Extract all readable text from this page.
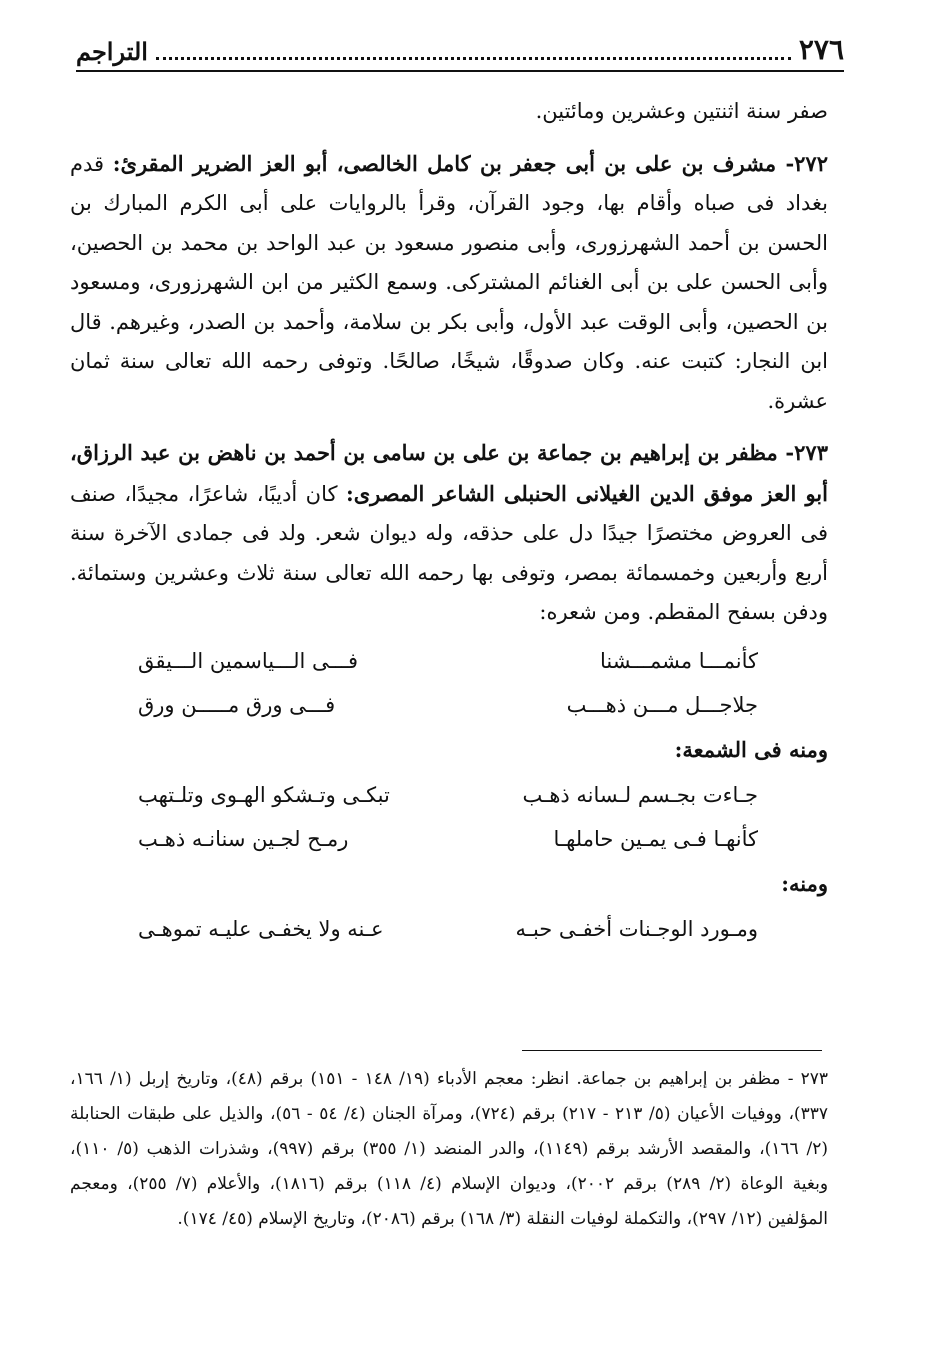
٢٧٦
التراجم

صفر سنة اثنتين وعشرين ومائتين.

٢٧٢- مشرف بن على بن أبى جعفر بن كامل الخالصى، أبو العز الضرير المقرئ: قدم بغداد فى صباه وأقام بها، وجود القرآن، وقرأ بالروايات على أبى الكرم المبارك بن الحسن بن أحمد الشهرزورى، وأبى منصور مسعود بن عبد الواحد بن محمد بن الحصين، وأبى الحسن على بن أبى الغنائم المشتركى. وسمع الكثير من ابن الشهرزورى، ومسعود بن الحصين، وأبى الوقت عبد الأول، وأبى بكر بن سلامة، وأحمد بن الصدر، وغيرهم. قال ابن النجار: كتبت عنه. وكان صدوقًا، شيخًا، صالحًا. وتوفى رحمه الله تعالى سنة ثمان عشرة.

٢٧٣- مظفر بن إبراهيم بن جماعة بن على بن سامى بن أحمد بن ناهض بن عبد الرزاق، أبو العز موفق الدين الغيلانى الحنبلى الشاعر المصرى: كان أديبًا، شاعرًا، مجيدًا، صنف فى العروض مختصرًا جيدًا دل على حذقه، وله ديوان شعر. ولد فى جمادى الآخرة سنة أربع وأربعين وخمسمائة بمصر، وتوفى بها رحمه الله تعالى سنة ثلاث وعشرين وستمائة. ودفن بسفح المقطم. ومن شعره:

كأنمـــا مشمـــشنا
فـــى الـــياسمين الـــيقق
جلاجـــل مـــن ذهـــب
فـــى ورق مـــــن ورق

ومنه فى الشمعة:

جـاءت بجـسم لـسانه ذهـب
تبكـى وتـشكو الهـوى وتلـتهب
كأنهـا فـى يمـين حاملهـا
رمـح لجـين سنانـه ذهـب

ومنه:

ومـورد الوجـنات أخفـى حبـه
عـنه ولا يخفـى عليـه تموهـى

٢٧٣ - مظفر بن إبراهيم بن جماعة. انظر: معجم الأدباء (١٩/ ١٤٨ - ١٥١) برقم (٤٨)، وتاريخ إربل (١/ ١٦٦، ٣٣٧)، ووفيات الأعيان (٥/ ٢١٣ - ٢١٧) برقم (٧٢٤)، ومرآة الجنان (٤/ ٥٤ - ٥٦)، والذيل على طبقات الحنابلة (٢/ ١٦٦)، والمقصد الأرشد برقم (١١٤٩)، والدر المنضد (١/ ٣٥٥) برقم (٩٩٧)، وشذرات الذهب (٥/ ١١٠)، وبغية الوعاة (٢/ ٢٨٩) برقم ٢٠٠٢)، وديوان الإسلام (٤/ ١١٨) برقم (١٨١٦)، والأعلام (٧/ ٢٥٥)، ومعجم المؤلفين (١٢/ ٢٩٧)، والتكملة لوفيات النقلة (٣/ ١٦٨) برقم (٢٠٨٦)، وتاريخ الإسلام (٤٥/ ١٧٤).
